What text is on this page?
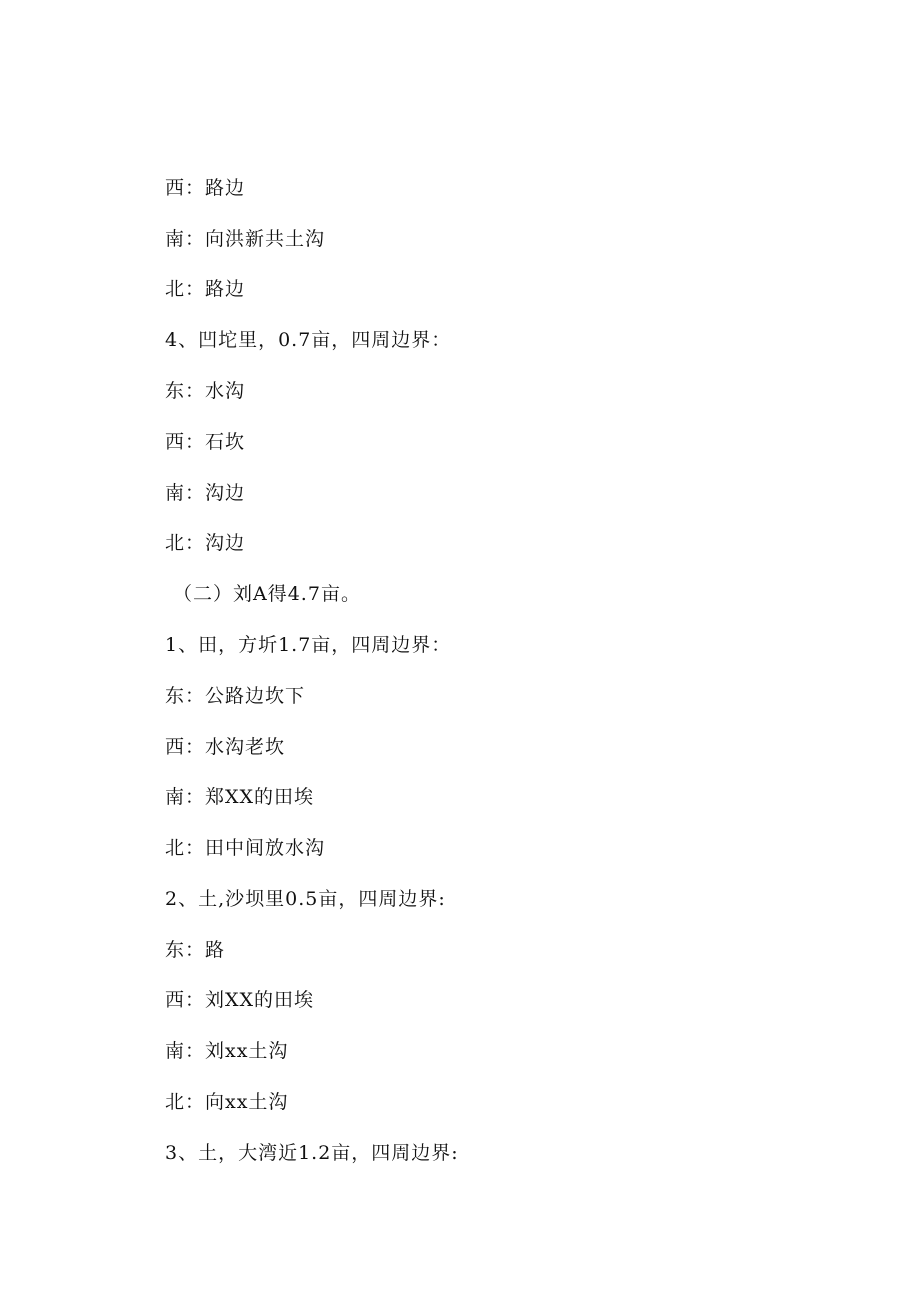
西：路边
南：向洪新共土沟
北：路边
4、凹坨里，0.7亩，四周边界：
东：水沟
西：石坎
南：沟边
北：沟边
（二）刘A得4.7亩。
1、田，方圻1.7亩，四周边界：
东：公路边坎下
西：水沟老坎
南：郑XX的田埃
北：田中间放水沟
2、土,沙坝里0.5亩，四周边界:
东：路
西：刘XX的田埃
南：刘xx土沟
北：向xx土沟
3、土，大湾近1.2亩，四周边界:
